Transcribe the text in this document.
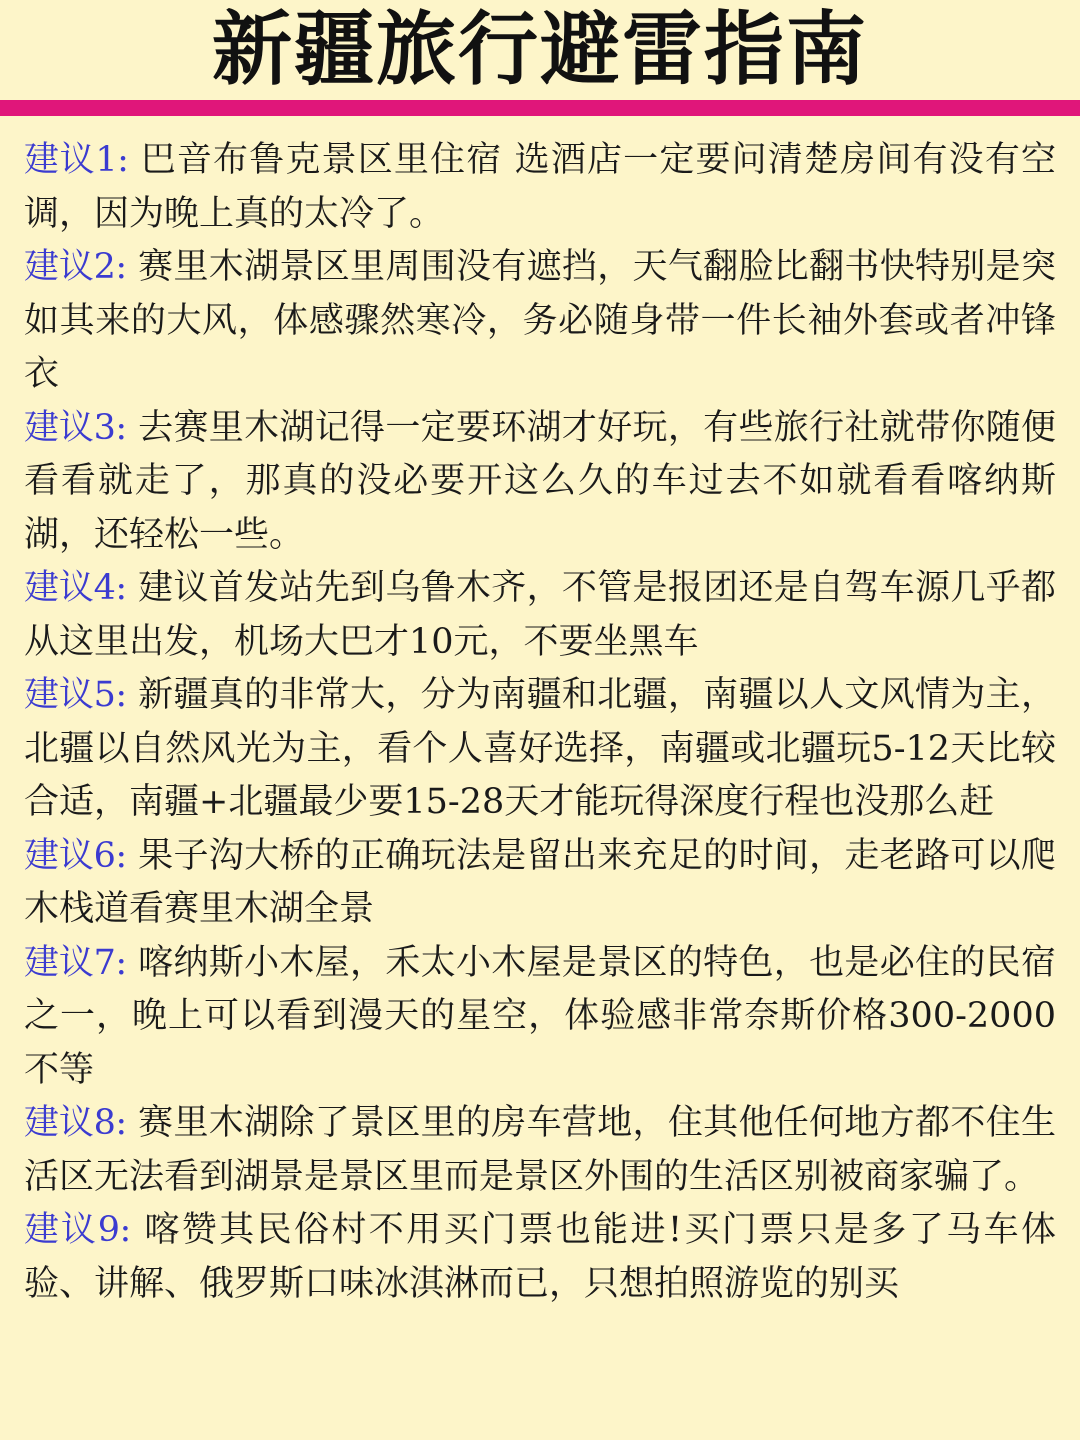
新疆旅行避雷指南
建议1: 巴音布鲁克景区里住宿 选酒店一定要问清楚房间有没有空调，因为晚上真的太冷了。
建议2: 赛里木湖景区里周围没有遮挡，天气翻脸比翻书快特别是突如其来的大风，体感骤然寒冷，务必随身带一件长袖外套或者冲锋衣
建议3: 去赛里木湖记得一定要环湖才好玩，有些旅行社就带你随便看看就走了，那真的没必要开这么久的车过去不如就看看喀纳斯湖，还轻松一些。
建议4: 建议首发站先到乌鲁木齐，不管是报团还是自驾车源几乎都从这里出发，机场大巴才10元，不要坐黑车
建议5: 新疆真的非常大，分为南疆和北疆，南疆以人文风情为主，北疆以自然风光为主，看个人喜好选择，南疆或北疆玩5-12天比较合适，南疆+北疆最少要15-28天才能玩得深度行程也没那么赶
建议6: 果子沟大桥的正确玩法是留出来充足的时间，走老路可以爬木栈道看赛里木湖全景
建议7: 喀纳斯小木屋，禾太小木屋是景区的特色，也是必住的民宿之一，晚上可以看到漫天的星空，体验感非常奈斯价格300-2000不等
建议8: 赛里木湖除了景区里的房车营地，住其他任何地方都不住生活区无法看到湖景是景区里而是景区外围的生活区别被商家骗了。
建议9: 喀赞其民俗村不用买门票也能进!买门票只是多了马车体验、讲解、俄罗斯口味冰淇淋而已，只想拍照游览的别买
